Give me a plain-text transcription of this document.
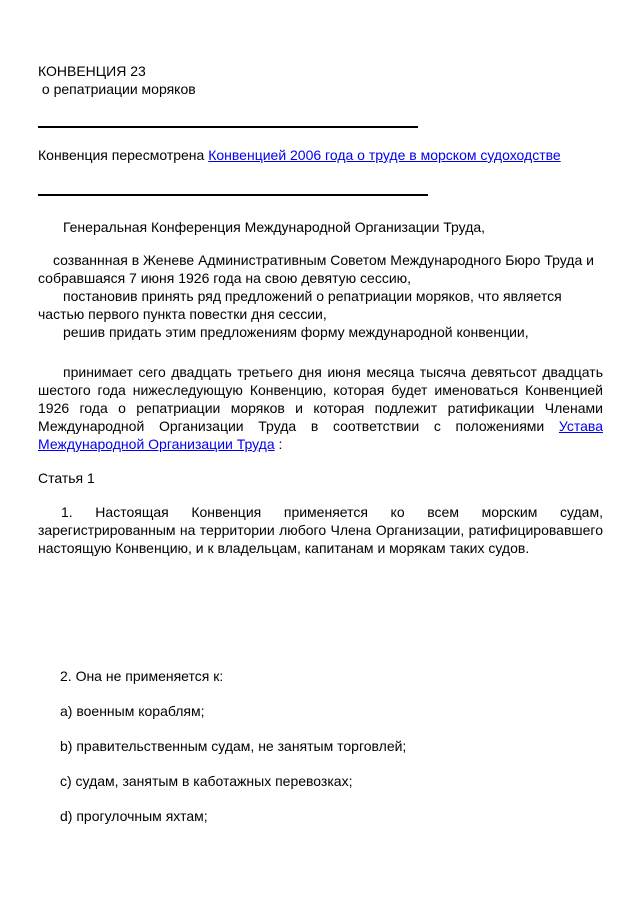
КОНВЕНЦИЯ 23

о репатриации моряков

Конвенция пересмотрена Конвенцией 2006 года о труде в морском судоходстве

Генеральная Конференция Международной Организации Труда,

созваннная в Женеве Административным Советом Международного Бюро Труда и собравшаяся 7 июня 1926 года на свою девятую сессию,

постановив принять ряд предложений о репатриации моряков, что является частью первого пункта повестки дня сессии,

решив придать этим предложениям форму международной конвенции,

принимает сего двадцать третьего дня июня месяца тысяча девятьсот двадцать шестого года нижеследующую Конвенцию, которая будет именоваться Конвенцией 1926 года о репатриации моряков и которая подлежит ратификации Членами Международной Организации Труда в соответствии с положениями Устава Международной Организации Труда :

Статья 1

1. Настоящая Конвенция применяется ко всем морским судам, зарегистрированным на территории любого Члена Организации, ратифицировавшего настоящую Конвенцию, и к владельцам, капитанам и морякам таких судов.

2. Она не применяется к:

a) военным кораблям;

b) правительственным судам, не занятым торговлей;

c) судам, занятым в каботажных перевозках;

d) прогулочным яхтам;
